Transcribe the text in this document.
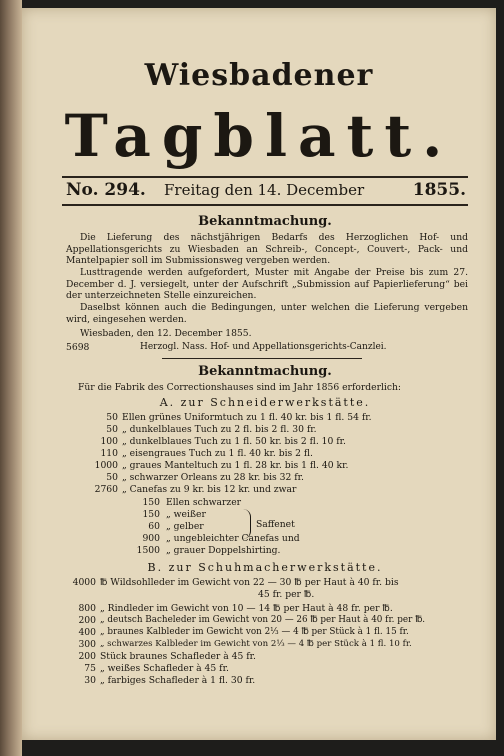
Wiesbadener
Tagblatt.
No. 294. Freitag den 14. December	1855.
Bekanntmachung.
Die Lieferung des nächstjährigen Bedarfs des Herzoglichen Hof- und Appellationsgerichts zu Wiesbaden an Schreib-, Concept-, Couvert-, Pack- und Mantelpapier soll im Submissionsweg vergeben werden.
Lusttragende werden aufgefordert, Muster mit Angabe der Preise bis zum 27. December d. J. versiegelt, unter der Aufschrift „Submission auf Papierlieferung“ bei der unterzeichneten Stelle einzureichen.
Daselbst können auch die Bedingungen, unter welchen die Lieferung vergeben wird, eingesehen werden.
Wiesbaden, den 12. December 1855.
5698	Herzogl. Nass. Hof- und Appellationsgerichts-Canzlei.
Bekanntmachung.
Für die Fabrik des Correctionshauses sind im Jahr 1856 erforderlich:
A. zur Schneiderwerkstätte.
50 Ellen grünes Uniformtuch zu 1 fl. 40 kr. bis 1 fl. 54 fr.
50 „ dunkelblaues Tuch zu 2 fl. bis 2 fl. 30 fr.
100 „ dunkelblaues Tuch zu 1 fl. 50 kr. bis 2 fl. 10 fr.
110 „ eisengraues Tuch zu 1 fl. 40 kr. bis 2 fl.
1000 „ graues Manteltuch zu 1 fl. 28 kr. bis 1 fl. 40 kr.
50 „ schwarzer Orleans zu 28 kr. bis 32 fr.
2760 „ Canefas zu 9 kr. bis 12 kr. und zwar
150 Ellen schwarzer
150 „ weißer
60 „ gelber
900 „ ungebleichter Canefas und
1500 „ grauer Doppelshirting.
Saffenet
B. zur Schuhmacherwerkstätte.
4000 ℔ Wildsohlleder im Gewicht von 22 — 30 ℔ per Haut à 40 fr. bis
45 fr. per ℔.
800 „ Rindleder im Gewicht von 10 — 14 ℔ per Haut à 48 fr. per ℔.
200 „ deutsch Bacheleder im Gewicht von 20 — 26 ℔ per Haut à 40 fr. per ℔.
400 „ braunes Kalbleder im Gewicht von 2⅓ — 4 ℔ per Stück à 1 fl. 15 fr.
300 „ schwarzes Kalbleder im Gewicht von 2⅓ — 4 ℔ per Stück à 1 fl. 10 fr.
200 Stück braunes Schafleder à 45 fr.
75 „ weißes Schafleder à 45 fr.
30 „ farbiges Schafleder à 1 fl. 30 fr.
